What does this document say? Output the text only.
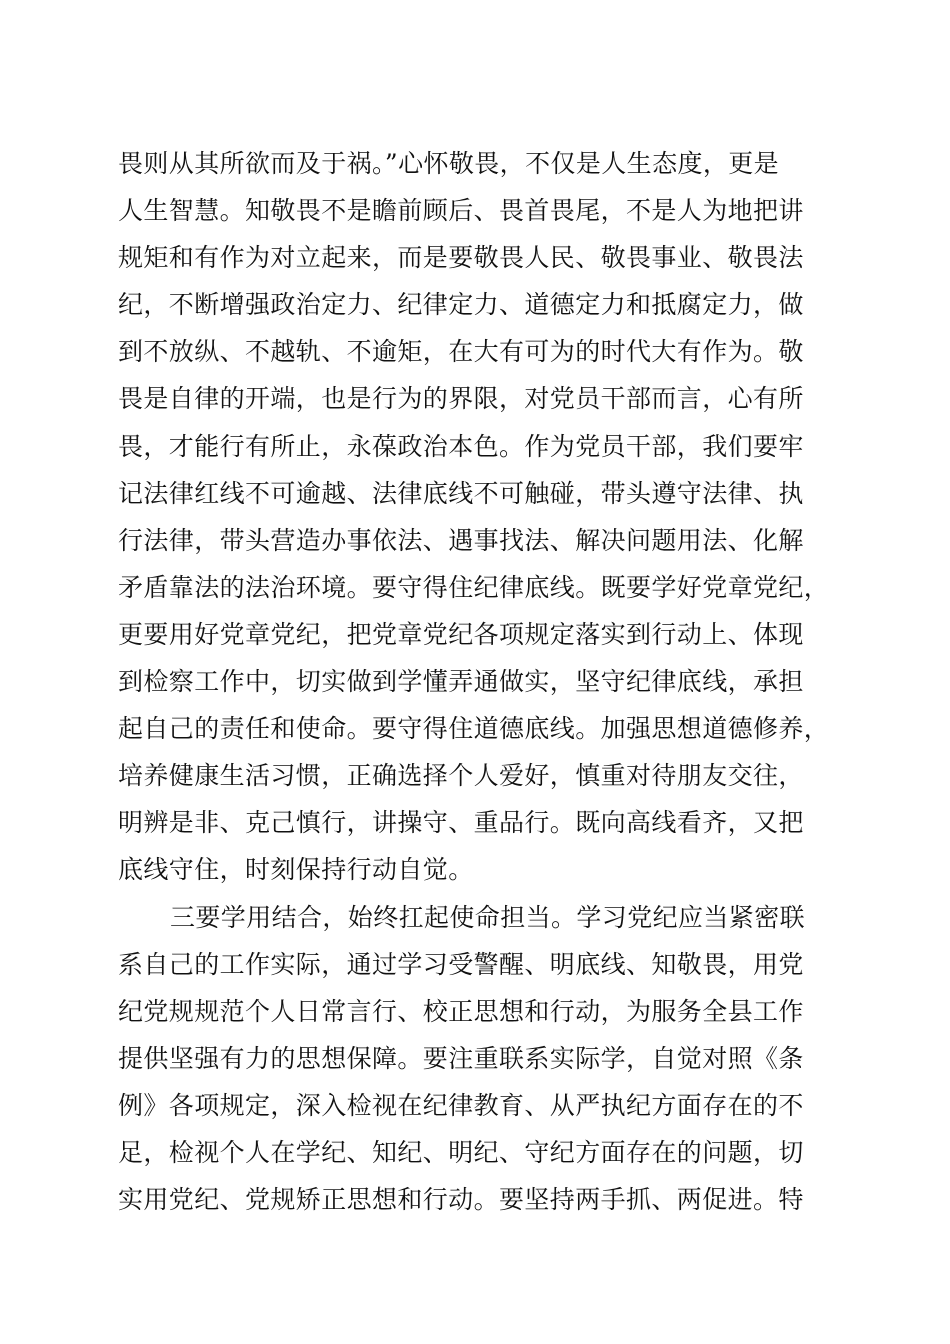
畏则从其所欲而及于祸。”心怀敬畏，不仅是人生态度，更是
人生智慧。知敬畏不是瞻前顾后、畏首畏尾，不是人为地把讲
规矩和有作为对立起来，而是要敬畏人民、敬畏事业、敬畏法
纪，不断增强政治定力、纪律定力、道德定力和抵腐定力，做
到不放纵、不越轨、不逾矩，在大有可为的时代大有作为。敬
畏是自律的开端，也是行为的界限，对党员干部而言，心有所
畏，才能行有所止，永葆政治本色。作为党员干部，我们要牢
记法律红线不可逾越、法律底线不可触碰，带头遵守法律、执
行法律，带头营造办事依法、遇事找法、解决问题用法、化解
矛盾靠法的法治环境。要守得住纪律底线。既要学好党章党纪，
更要用好党章党纪，把党章党纪各项规定落实到行动上、体现
到检察工作中，切实做到学懂弄通做实，坚守纪律底线，承担
起自己的责任和使命。要守得住道德底线。加强思想道德修养，
培养健康生活习惯，正确选择个人爱好，慎重对待朋友交往，
明辨是非、克己慎行，讲操守、重品行。既向高线看齐，又把
底线守住，时刻保持行动自觉。
三要学用结合，始终扛起使命担当。学习党纪应当紧密联
系自己的工作实际，通过学习受警醒、明底线、知敬畏，用党
纪党规规范个人日常言行、校正思想和行动，为服务全县工作
提供坚强有力的思想保障。要注重联系实际学，自觉对照《条
例》各项规定，深入检视在纪律教育、从严执纪方面存在的不
足，检视个人在学纪、知纪、明纪、守纪方面存在的问题，切
实用党纪、党规矫正思想和行动。要坚持两手抓、两促进。特
